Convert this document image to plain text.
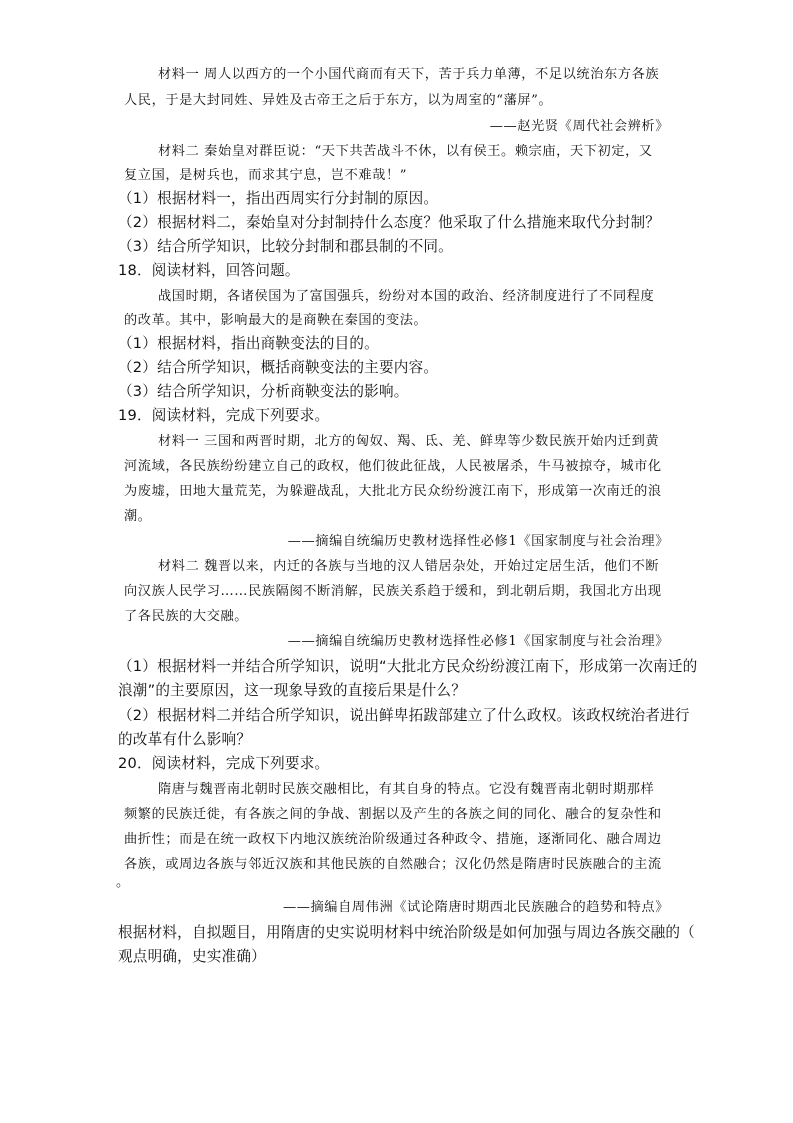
材料一 周人以西方的一个小国代商而有天下，苦于兵力单薄，不足以统治东方各族
人民，于是大封同姓、异姓及古帝王之后于东方，以为周室的“藩屏”。
——赵光贤《周代社会辨析》
材料二 秦始皇对群臣说：“天下共苦战斗不休，以有侯王。赖宗庙，天下初定，又
复立国，是树兵也，而求其宁息，岂不难哉！”
（1）根据材料一，指出西周实行分封制的原因。
（2）根据材料二，秦始皇对分封制持什么态度？他采取了什么措施来取代分封制？
（3）结合所学知识，比较分封制和郡县制的不同。
18．阅读材料，回答问题。
战国时期，各诸侯国为了富国强兵，纷纷对本国的政治、经济制度进行了不同程度
的改革。其中，影响最大的是商鞅在秦国的变法。
（1）根据材料，指出商鞅变法的目的。
（2）结合所学知识，概括商鞅变法的主要内容。
（3）结合所学知识，分析商鞅变法的影响。
19．阅读材料，完成下列要求。
材料一 三国和两晋时期，北方的匈奴、羯、氐、羌、鲜卑等少数民族开始内迁到黄
河流域，各民族纷纷建立自己的政权，他们彼此征战，人民被屠杀，牛马被掠夺，城市化
为废墟，田地大量荒芜，为躲避战乱，大批北方民众纷纷渡江南下，形成第一次南迁的浪
潮。
——摘编自统编历史教材选择性必修1《国家制度与社会治理》
材料二 魏晋以来，内迁的各族与当地的汉人错居杂处，开始过定居生活，他们不断
向汉族人民学习……民族隔阂不断消解，民族关系趋于缓和，到北朝后期，我国北方出现
了各民族的大交融。
——摘编自统编历史教材选择性必修1《国家制度与社会治理》
（1）根据材料一并结合所学知识，说明“大批北方民众纷纷渡江南下，形成第一次南迁的
浪潮”的主要原因，这一现象导致的直接后果是什么？
（2）根据材料二并结合所学知识，说出鲜卑拓跋部建立了什么政权。该政权统治者进行
的改革有什么影响？
20．阅读材料，完成下列要求。
隋唐与魏晋南北朝时民族交融相比，有其自身的特点。它没有魏晋南北朝时期那样
频繁的民族迁徙，有各族之间的争战、割据以及产生的各族之间的同化、融合的复杂性和
曲折性；而是在统一政权下内地汉族统治阶级通过各种政令、措施，逐渐同化、融合周边
各族，或周边各族与邻近汉族和其他民族的自然融合；汉化仍然是隋唐时民族融合的主流
。
——摘编自周伟洲《试论隋唐时期西北民族融合的趋势和特点》
根据材料，自拟题目，用隋唐的史实说明材料中统治阶级是如何加强与周边各族交融的（
观点明确，史实准确）
